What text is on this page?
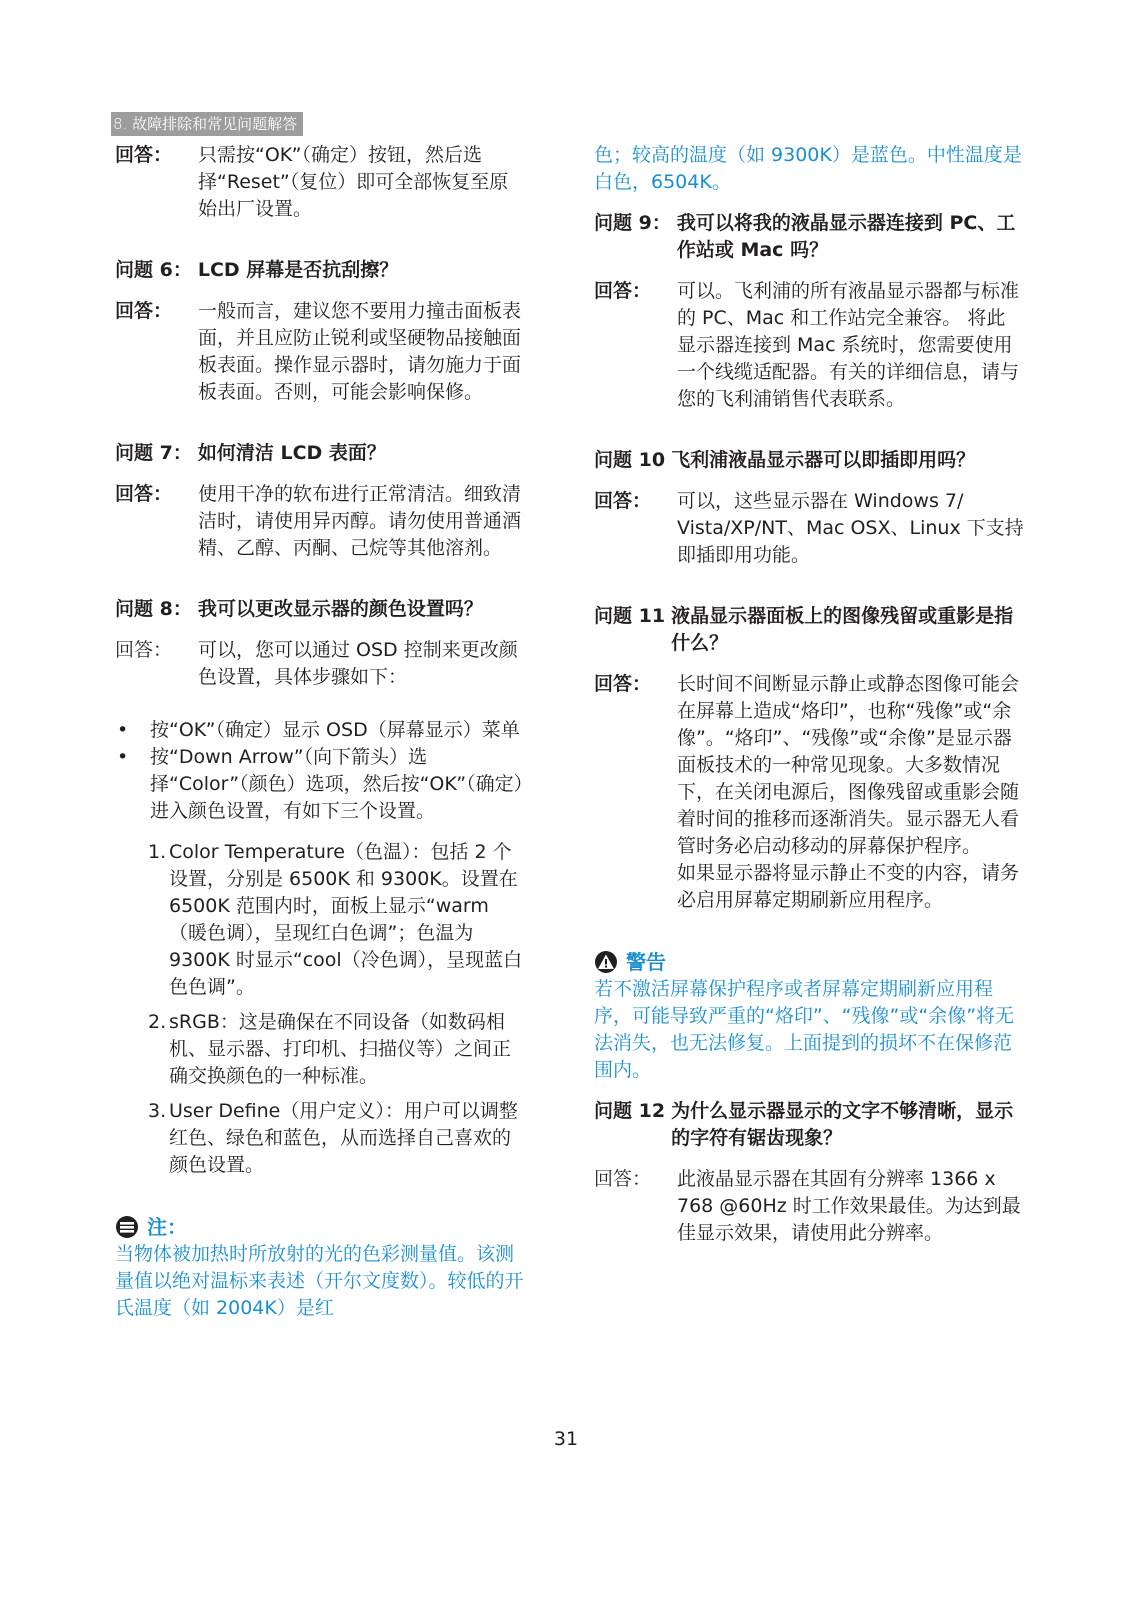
8. 故障排除和常见问题解答
回答：	只需按“OK”（确定）按钮，然后选择“Reset”（复位）即可全部恢复至原始出厂设置。
问题 6： LCD 屏幕是否抗刮擦？
回答：	一般而言，建议您不要用力撞击面板表面，并且应防止锐利或坚硬物品接触面板表面。操作显示器时，请勿施力于面板表面。否则，可能会影响保修。
问题 7： 如何清洁 LCD 表面？
回答：	使用干净的软布进行正常清洁。细致清洁时，请使用异丙醇。请勿使用普通酒精、乙醇、丙酮、己烷等其他溶剂。
问题 8： 我可以更改显示器的颜色设置吗？
回答：	可以，您可以通过 OSD 控制来更改颜色设置，具体步骤如下：
• 按“OK”（确定）显示 OSD（屏幕显示）菜单
• 按“Down Arrow”（向下箭头）选择“Color”（颜色）选项，然后按“OK”（确定）进入颜色设置，有如下三个设置。
1. Color Temperature（色温）：包括 2 个设置，分别是 6500K 和 9300K。设置在 6500K 范围内时，面板上显示“warm（暖色调），呈现红白色调”；色温为 9300K 时显示“cool（冷色调），呈现蓝白色色调”。
2. sRGB：这是确保在不同设备（如数码相机、显示器、打印机、扫描仪等）之间正确交换颜色的一种标准。
3. User Define（用户定义）：用户可以调整红色、绿色和蓝色，从而选择自己喜欢的颜色设置。
注：
当物体被加热时所放射的光的色彩测量值。该测量值以绝对温标来表述（开尔文度数）。较低的开氏温度（如 2004K）是红
色；较高的温度（如 9300K）是蓝色。中性温度是白色，6504K。
问题 9： 我可以将我的液晶显示器连接到 PC、工作站或 Mac 吗？
回答：	可以。飞利浦的所有液晶显示器都与标准的 PC、Mac 和工作站完全兼容。 将此显示器连接到 Mac 系统时，您需要使用一个线缆适配器。有关的详细信息，请与您的飞利浦销售代表联系。
问题 10 飞利浦液晶显示器可以即插即用吗？
回答：	可以，这些显示器在 Windows 7/ Vista/XP/NT、Mac OSX、Linux 下支持即插即用功能。
问题 11 液晶显示器面板上的图像残留或重影是指什么？
回答：	长时间不间断显示静止或静态图像可能会在屏幕上造成“烙印”，也称“残像”或“余像”。“烙印”、“残像”或“余像”是显示器面板技术的一种常见现象。大多数情况下，在关闭电源后，图像残留或重影会随着时间的推移而逐渐消失。显示器无人看管时务必启动移动的屏幕保护程序。
如果显示器将显示静止不变的内容，请务必启用屏幕定期刷新应用程序。
警告
若不激活屏幕保护程序或者屏幕定期刷新应用程序，可能导致严重的“烙印”、“残像”或“余像”将无法消失，也无法修复。上面提到的损坏不在保修范围内。
问题 12 为什么显示器显示的文字不够清晰，显示的字符有锯齿现象？
回答：	此液晶显示器在其固有分辨率 1366 x 768 @60Hz 时工作效果最佳。为达到最佳显示效果，请使用此分辨率。
31
